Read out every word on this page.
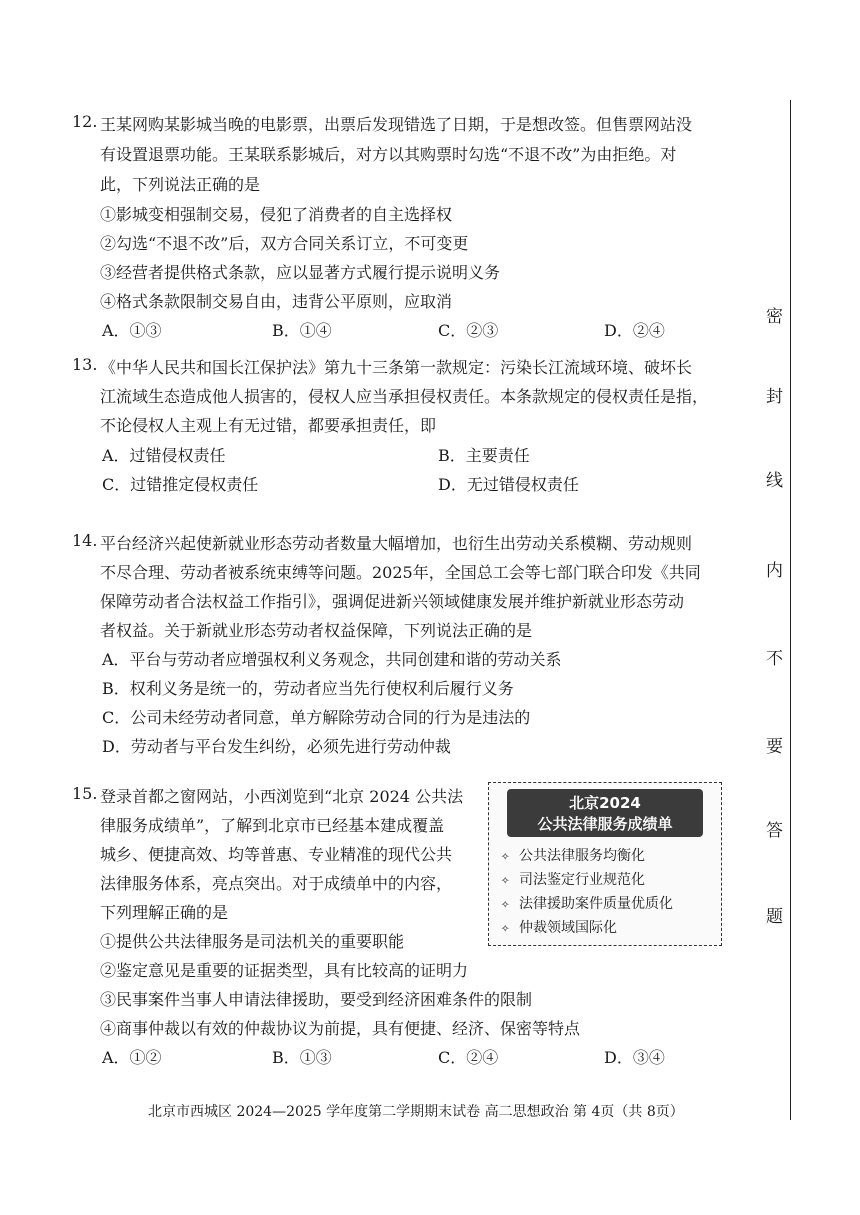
12. 王某网购某影城当晚的电影票，出票后发现错选了日期，于是想改签。但售票网站没
有设置退票功能。王某联系影城后，对方以其购票时勾选“不退不改”为由拒绝。对
此，下列说法正确的是
①影城变相强制交易，侵犯了消费者的自主选择权
②勾选“不退不改”后，双方合同关系订立，不可变更
③经营者提供格式条款，应以显著方式履行提示说明义务
④格式条款限制交易自由，违背公平原则，应取消
A．①③	B．①④	C．②③	D．②④
13. 《中华人民共和国长江保护法》第九十三条第一款规定：污染长江流域环境、破坏长
江流域生态造成他人损害的，侵权人应当承担侵权责任。本条款规定的侵权责任是指，
不论侵权人主观上有无过错，都要承担责任，即
A．过错侵权责任	B．主要责任
C．过错推定侵权责任	D．无过错侵权责任
14. 平台经济兴起使新就业形态劳动者数量大幅增加，也衍生出劳动关系模糊、劳动规则
不尽合理、劳动者被系统束缚等问题。2025年，全国总工会等七部门联合印发《共同
保障劳动者合法权益工作指引》，强调促进新兴领域健康发展并维护新就业形态劳动
者权益。关于新就业形态劳动者权益保障，下列说法正确的是
A．平台与劳动者应增强权利义务观念，共同创建和谐的劳动关系
B．权利义务是统一的，劳动者应当先行使权利后履行义务
C．公司未经劳动者同意，单方解除劳动合同的行为是违法的
D．劳动者与平台发生纠纷，必须先进行劳动仲裁
15. 登录首都之窗网站，小西浏览到“北京 2024 公共法
律服务成绩单”，了解到北京市已经基本建成覆盖
城乡、便捷高效、均等普惠、专业精准的现代公共
法律服务体系，亮点突出。对于成绩单中的内容，
下列理解正确的是
①提供公共法律服务是司法机关的重要职能
②鉴定意见是重要的证据类型，具有比较高的证明力
③民事案件当事人申请法律援助，要受到经济困难条件的限制
④商事仲裁以有效的仲裁协议为前提，具有便捷、经济、保密等特点
A．①②	B．①③	C．②④	D．③④
北京2024
公共法律服务成绩单
✧ 公共法律服务均衡化
✧ 司法鉴定行业规范化
✧ 法律援助案件质量优质化
✧ 仲裁领域国际化
密
封
线
内
不
要
答
题
北京市西城区 2024—2025 学年度第二学期期末试卷 高二思想政治 第 4页（共 8页）
